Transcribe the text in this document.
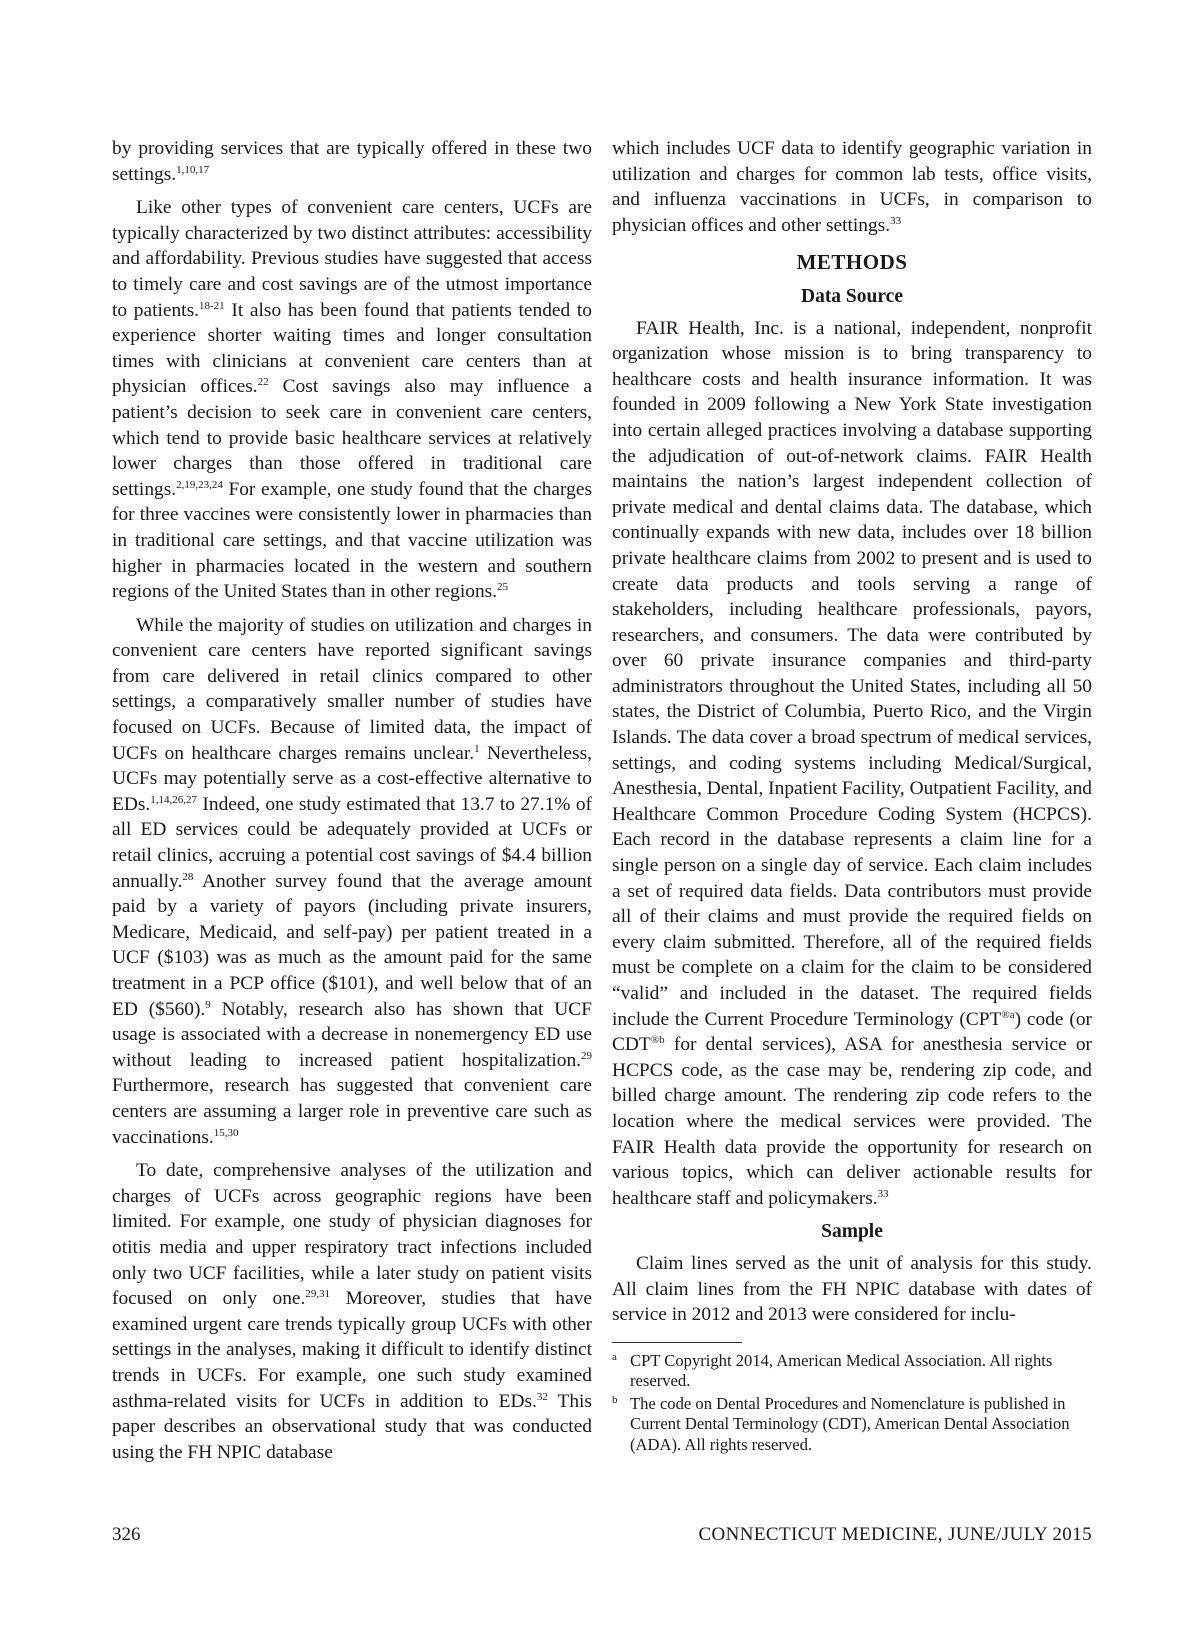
by providing services that are typically offered in these two settings.$^{1,10,17}$

Like other types of convenient care centers, UCFs are typically characterized by two distinct attributes: accessibility and affordability. Previous studies have suggested that access to timely care and cost savings are of the utmost importance to patients.$^{18-21}$ It also has been found that patients tended to experience shorter waiting times and longer consultation times with clinicians at convenient care centers than at physician offices.$^{22}$ Cost savings also may influence a patient’s decision to seek care in convenient care centers, which tend to provide basic healthcare services at relatively lower charges than those offered in traditional care settings.$^{2,19,23,24}$ For example, one study found that the charges for three vaccines were consistently lower in pharmacies than in traditional care settings, and that vaccine utilization was higher in pharmacies located in the western and southern regions of the United States than in other regions.$^{25}$

While the majority of studies on utilization and charges in convenient care centers have reported significant savings from care delivered in retail clinics compared to other settings, a comparatively smaller number of studies have focused on UCFs. Because of limited data, the impact of UCFs on healthcare charges remains unclear.$^1$ Nevertheless, UCFs may potentially serve as a cost-effective alternative to EDs.$^{1,14,26,27}$ Indeed, one study estimated that 13.7 to 27.1% of all ED services could be adequately provided at UCFs or retail clinics, accruing a potential cost savings of $4.4 billion annually.$^{28}$ Another survey found that the average amount paid by a variety of payors (including private insurers, Medicare, Medicaid, and self-pay) per patient treated in a UCF ($103) was as much as the amount paid for the same treatment in a PCP office ($101), and well below that of an ED ($560).$^9$ Notably, research also has shown that UCF usage is associated with a decrease in nonemergency ED use without leading to increased patient hospitalization.$^{29}$ Furthermore, research has suggested that convenient care centers are assuming a larger role in preventive care such as vaccinations.$^{15,30}$

To date, comprehensive analyses of the utilization and charges of UCFs across geographic regions have been limited. For example, one study of physician diagnoses for otitis media and upper respiratory tract infections included only two UCF facilities, while a later study on patient visits focused on only one.$^{29,31}$ Moreover, studies that have examined urgent care trends typically group UCFs with other settings in the analyses, making it difficult to identify distinct trends in UCFs. For example, one such study examined asthma-related visits for UCFs in addition to EDs.$^{32}$ This paper describes an observational study that was conducted using the FH NPIC database

which includes UCF data to identify geographic variation in utilization and charges for common lab tests, office visits, and influenza vaccinations in UCFs, in comparison to physician offices and other settings.$^{33}$

METHODS
Data Source

FAIR Health, Inc. is a national, independent, nonprofit organization whose mission is to bring transparency to healthcare costs and health insurance information. It was founded in 2009 following a New York State investigation into certain alleged practices involving a database supporting the adjudication of out-of-network claims. FAIR Health maintains the nation’s largest independent collection of private medical and dental claims data. The database, which continually expands with new data, includes over 18 billion private healthcare claims from 2002 to present and is used to create data products and tools serving a range of stakeholders, including healthcare professionals, payors, researchers, and consumers. The data were contributed by over 60 private insurance companies and third-party administrators throughout the United States, including all 50 states, the District of Columbia, Puerto Rico, and the Virgin Islands. The data cover a broad spectrum of medical services, settings, and coding systems including Medical/Surgical, Anesthesia, Dental, Inpatient Facility, Outpatient Facility, and Healthcare Common Procedure Coding System (HCPCS). Each record in the database represents a claim line for a single person on a single day of service. Each claim includes a set of required data fields. Data contributors must provide all of their claims and must provide the required fields on every claim submitted. Therefore, all of the required fields must be complete on a claim for the claim to be considered “valid” and included in the dataset. The required fields include the Current Procedure Terminology $(CPT^{®a})$ code (or $CDT^{®b}$ for dental services), ASA for anesthesia service or HCPCS code, as the case may be, rendering zip code, and billed charge amount. The rendering zip code refers to the location where the medical services were provided. The FAIR Health data provide the opportunity for research on various topics, which can deliver actionable results for healthcare staff and policymakers.$^{33}$

Sample

Claim lines served as the unit of analysis for this study. All claim lines from the FH NPIC database with dates of service in 2012 and 2013 were considered for inclu-

a CPT Copyright 2014, American Medical Association. All rights reserved.
b The code on Dental Procedures and Nomenclature is published in Current Dental Terminology (CDT), American Dental Association (ADA). All rights reserved.
326	CONNECTICUT MEDICINE, JUNE/JULY 2015
